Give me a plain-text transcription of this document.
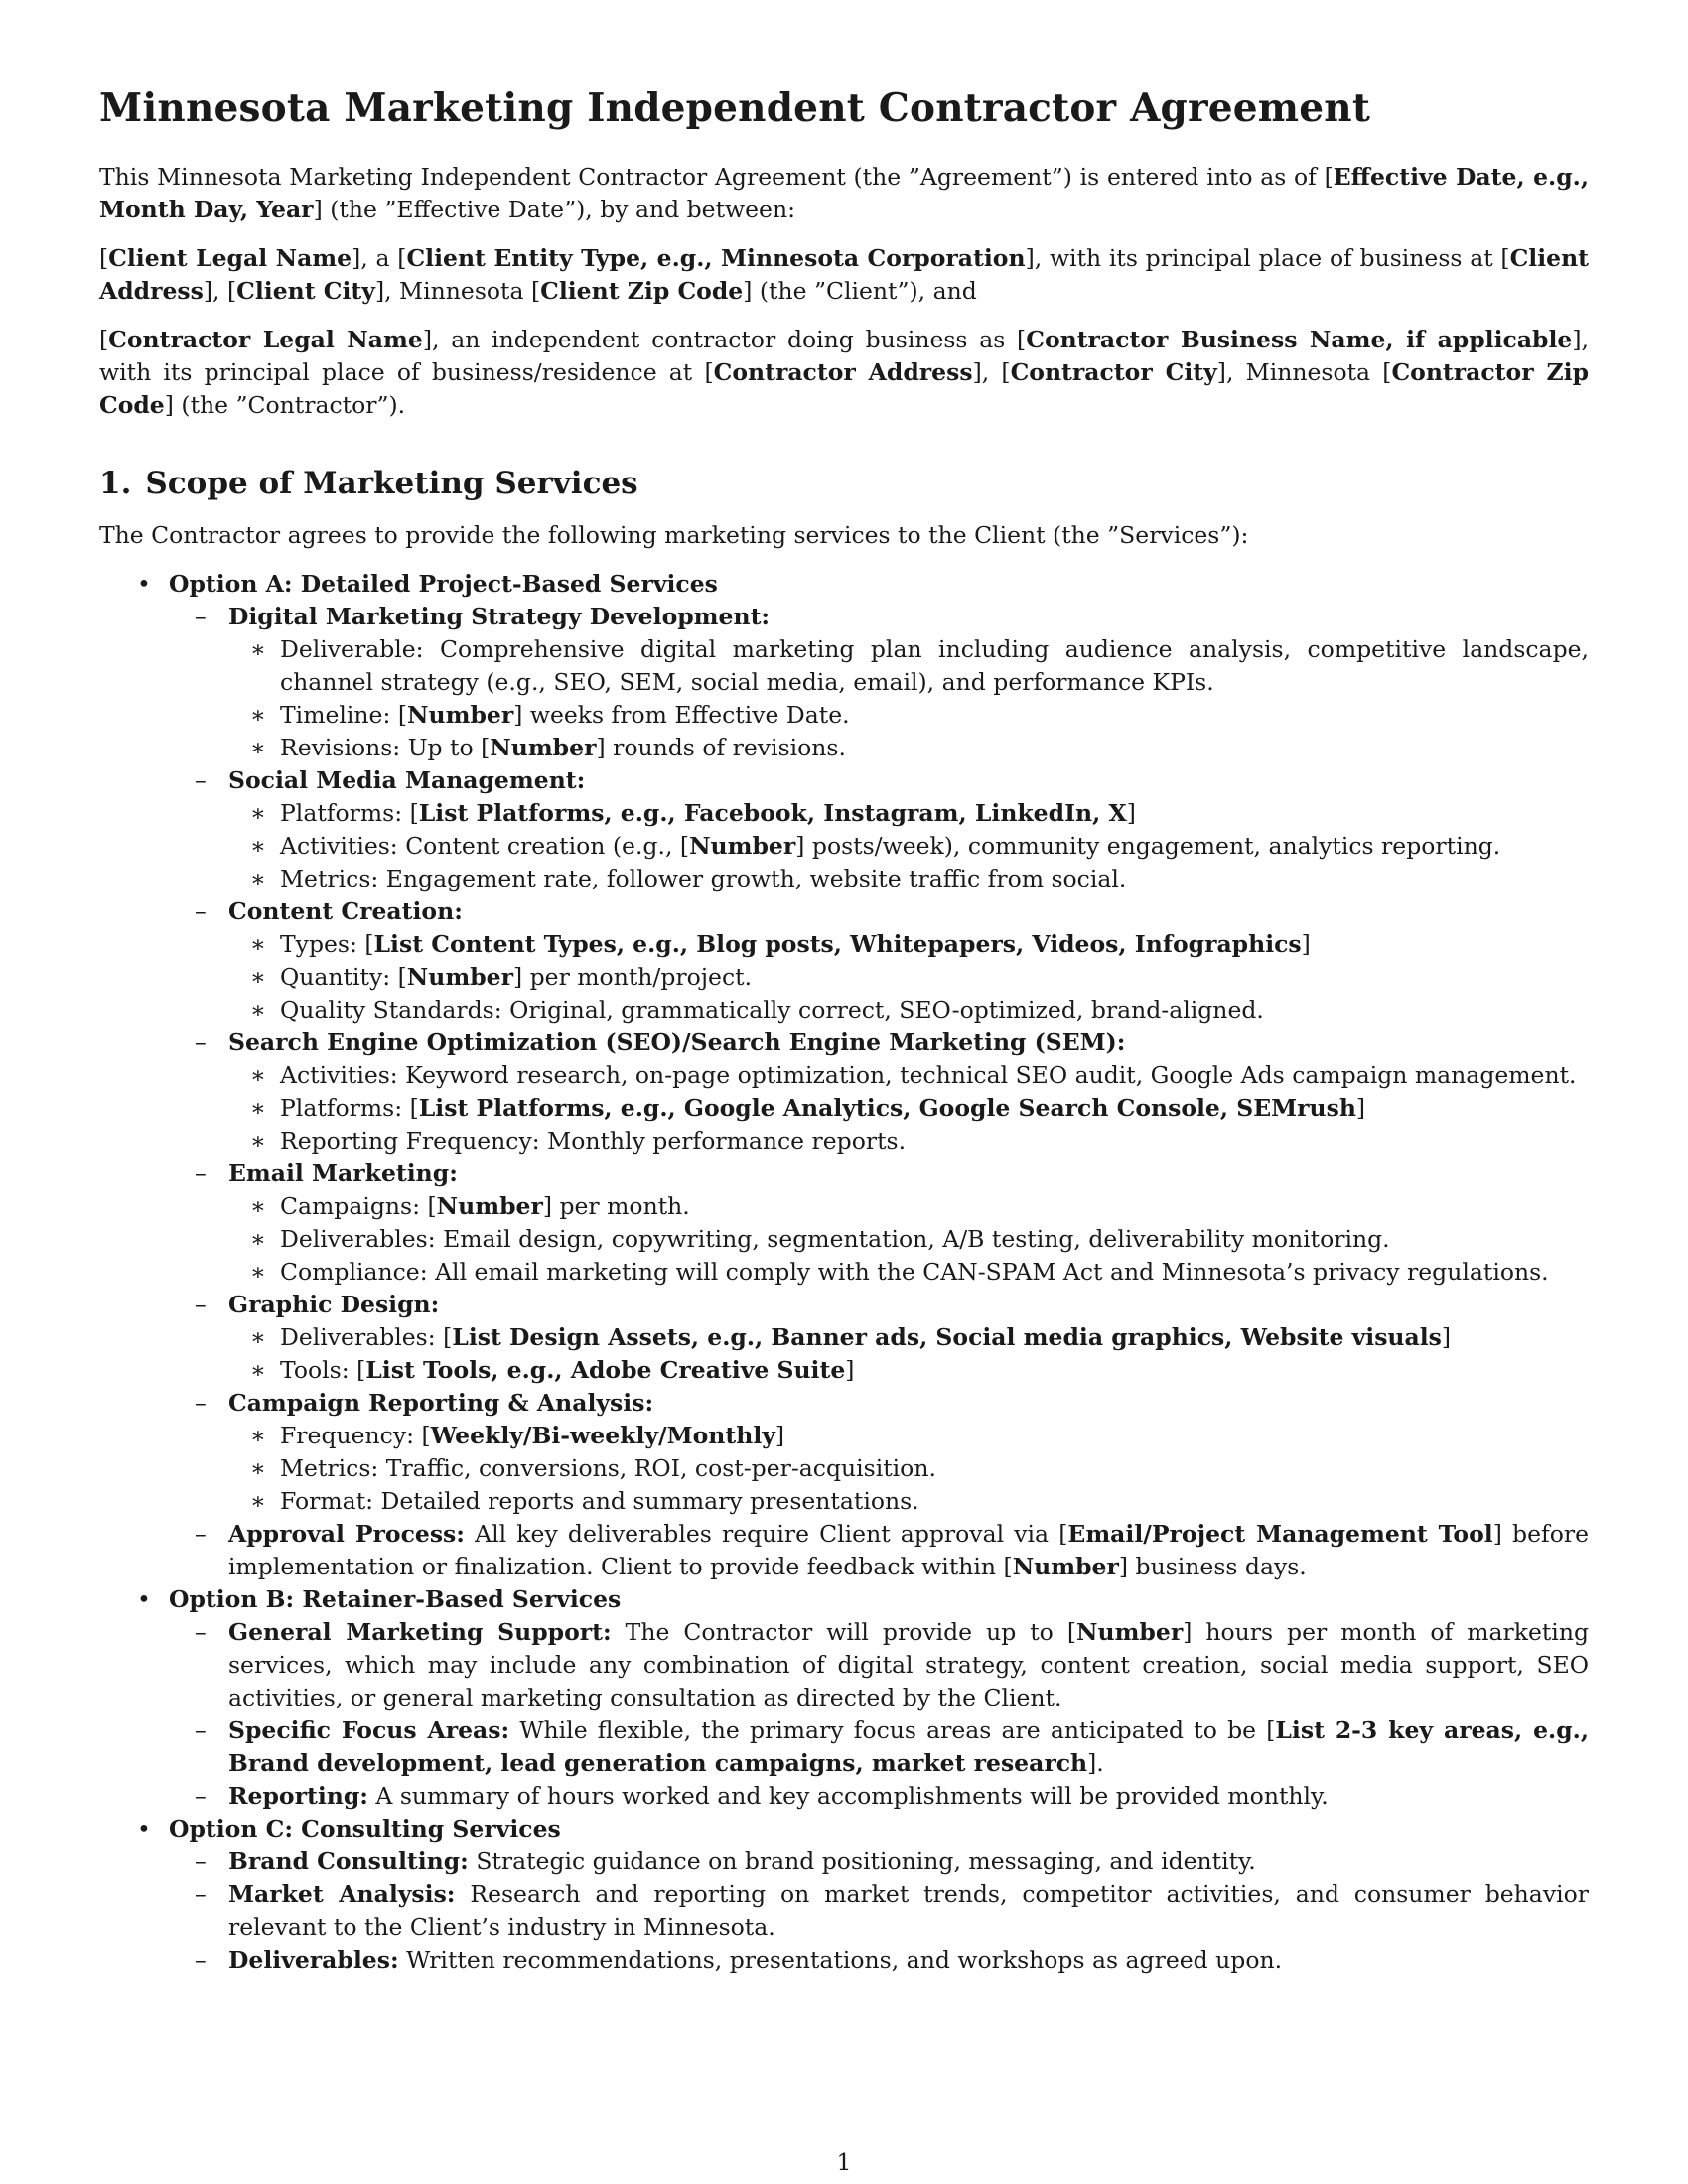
Minnesota Marketing Independent Contractor Agreement

This Minnesota Marketing Independent Contractor Agreement (the ”Agreement”) is entered into as of [Effective Date, e.g., Month Day, Year] (the ”Effective Date”), by and between:

[Client Legal Name], a [Client Entity Type, e.g., Minnesota Corporation], with its principal place of business at [Client Address], [Client City], Minnesota [Client Zip Code] (the ”Client”), and

[Contractor Legal Name], an independent contractor doing business as [Contractor Business Name, if applicable], with its principal place of business/residence at [Contractor Address], [Contractor City], Minnesota [Contractor Zip Code] (the ”Contractor”).

1. Scope of Marketing Services

The Contractor agrees to provide the following marketing services to the Client (the ”Services”):

• Option A: Detailed Project-Based Services
– Digital Marketing Strategy Development:
∗ Deliverable: Comprehensive digital marketing plan including audience analysis, competitive landscape, channel strategy (e.g., SEO, SEM, social media, email), and performance KPIs.
∗ Timeline: [Number] weeks from Effective Date.
∗ Revisions: Up to [Number] rounds of revisions.
– Social Media Management:
∗ Platforms: [List Platforms, e.g., Facebook, Instagram, LinkedIn, X]
∗ Activities: Content creation (e.g., [Number] posts/week), community engagement, analytics reporting.
∗ Metrics: Engagement rate, follower growth, website traffic from social.
– Content Creation:
∗ Types: [List Content Types, e.g., Blog posts, Whitepapers, Videos, Infographics]
∗ Quantity: [Number] per month/project.
∗ Quality Standards: Original, grammatically correct, SEO-optimized, brand-aligned.
– Search Engine Optimization (SEO)/Search Engine Marketing (SEM):
∗ Activities: Keyword research, on-page optimization, technical SEO audit, Google Ads campaign management.
∗ Platforms: [List Platforms, e.g., Google Analytics, Google Search Console, SEMrush]
∗ Reporting Frequency: Monthly performance reports.
– Email Marketing:
∗ Campaigns: [Number] per month.
∗ Deliverables: Email design, copywriting, segmentation, A/B testing, deliverability monitoring.
∗ Compliance: All email marketing will comply with the CAN-SPAM Act and Minnesota’s privacy regulations.
– Graphic Design:
∗ Deliverables: [List Design Assets, e.g., Banner ads, Social media graphics, Website visuals]
∗ Tools: [List Tools, e.g., Adobe Creative Suite]
– Campaign Reporting & Analysis:
∗ Frequency: [Weekly/Bi-weekly/Monthly]
∗ Metrics: Traffic, conversions, ROI, cost-per-acquisition.
∗ Format: Detailed reports and summary presentations.
– Approval Process: All key deliverables require Client approval via [Email/Project Management Tool] before implementation or finalization. Client to provide feedback within [Number] business days.
• Option B: Retainer-Based Services
– General Marketing Support: The Contractor will provide up to [Number] hours per month of marketing services, which may include any combination of digital strategy, content creation, social media support, SEO activities, or general marketing consultation as directed by the Client.
– Specific Focus Areas: While flexible, the primary focus areas are anticipated to be [List 2-3 key areas, e.g., Brand development, lead generation campaigns, market research].
– Reporting: A summary of hours worked and key accomplishments will be provided monthly.
• Option C: Consulting Services
– Brand Consulting: Strategic guidance on brand positioning, messaging, and identity.
– Market Analysis: Research and reporting on market trends, competitor activities, and consumer behavior relevant to the Client’s industry in Minnesota.
– Deliverables: Written recommendations, presentations, and workshops as agreed upon.
1
